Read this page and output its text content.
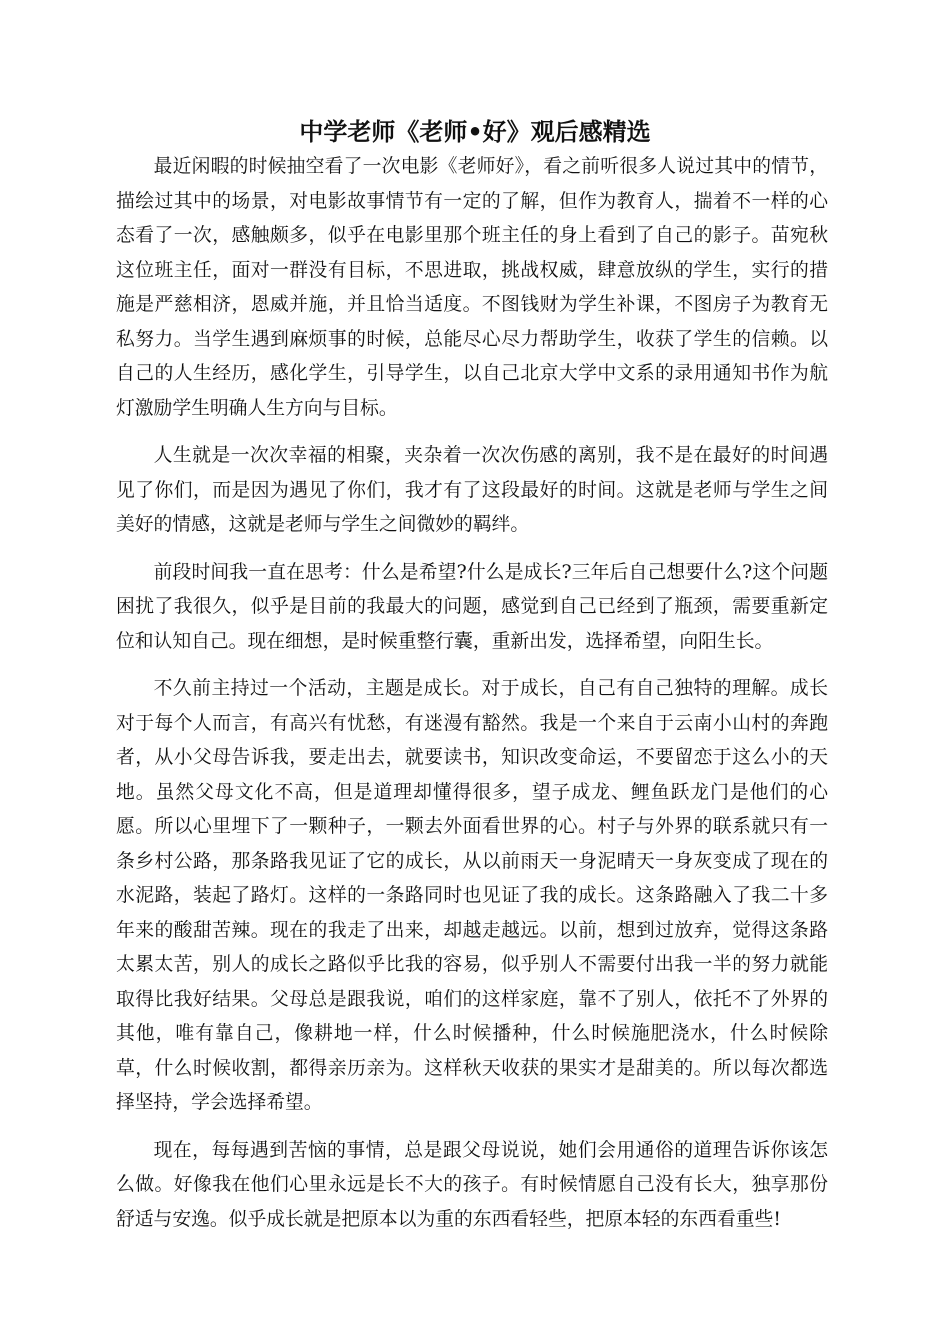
中学老师《老师•好》观后感精选

最近闲暇的时候抽空看了一次电影《老师好》，看之前听很多人说过其中的情节，描绘过其中的场景，对电影故事情节有一定的了解，但作为教育人，揣着不一样的心态看了一次，感触颇多，似乎在电影里那个班主任的身上看到了自己的影子。苗宛秋这位班主任，面对一群没有目标，不思进取，挑战权威，肆意放纵的学生，实行的措施是严慈相济，恩威并施，并且恰当适度。不图钱财为学生补课，不图房子为教育无私努力。当学生遇到麻烦事的时候，总能尽心尽力帮助学生，收获了学生的信赖。以自己的人生经历，感化学生，引导学生，以自己北京大学中文系的录用通知书作为航灯激励学生明确人生方向与目标。

人生就是一次次幸福的相聚，夹杂着一次次伤感的离别，我不是在最好的时间遇见了你们，而是因为遇见了你们，我才有了这段最好的时间。这就是老师与学生之间美好的情感，这就是老师与学生之间微妙的羁绊。

前段时间我一直在思考：什么是希望?什么是成长?三年后自己想要什么?这个问题困扰了我很久，似乎是目前的我最大的问题，感觉到自己已经到了瓶颈，需要重新定位和认知自己。现在细想，是时候重整行囊，重新出发，选择希望，向阳生长。

不久前主持过一个活动，主题是成长。对于成长，自己有自己独特的理解。成长对于每个人而言，有高兴有忧愁，有迷漫有豁然。我是一个来自于云南小山村的奔跑者，从小父母告诉我，要走出去，就要读书，知识改变命运，不要留恋于这么小的天地。虽然父母文化不高，但是道理却懂得很多，望子成龙、鲤鱼跃龙门是他们的心愿。所以心里埋下了一颗种子，一颗去外面看世界的心。村子与外界的联系就只有一条乡村公路，那条路我见证了它的成长，从以前雨天一身泥晴天一身灰变成了现在的水泥路，装起了路灯。这样的一条路同时也见证了我的成长。这条路融入了我二十多年来的酸甜苦辣。现在的我走了出来，却越走越远。以前，想到过放弃，觉得这条路太累太苦，别人的成长之路似乎比我的容易，似乎别人不需要付出我一半的努力就能取得比我好结果。父母总是跟我说，咱们的这样家庭，靠不了别人，依托不了外界的其他，唯有靠自己，像耕地一样，什么时候播种，什么时候施肥浇水，什么时候除草，什么时候收割，都得亲历亲为。这样秋天收获的果实才是甜美的。所以每次都选择坚持，学会选择希望。

现在，每每遇到苦恼的事情，总是跟父母说说，她们会用通俗的道理告诉你该怎么做。好像我在他们心里永远是长不大的孩子。有时候情愿自己没有长大，独享那份舒适与安逸。似乎成长就是把原本以为重的东西看轻些，把原本轻的东西看重些!
